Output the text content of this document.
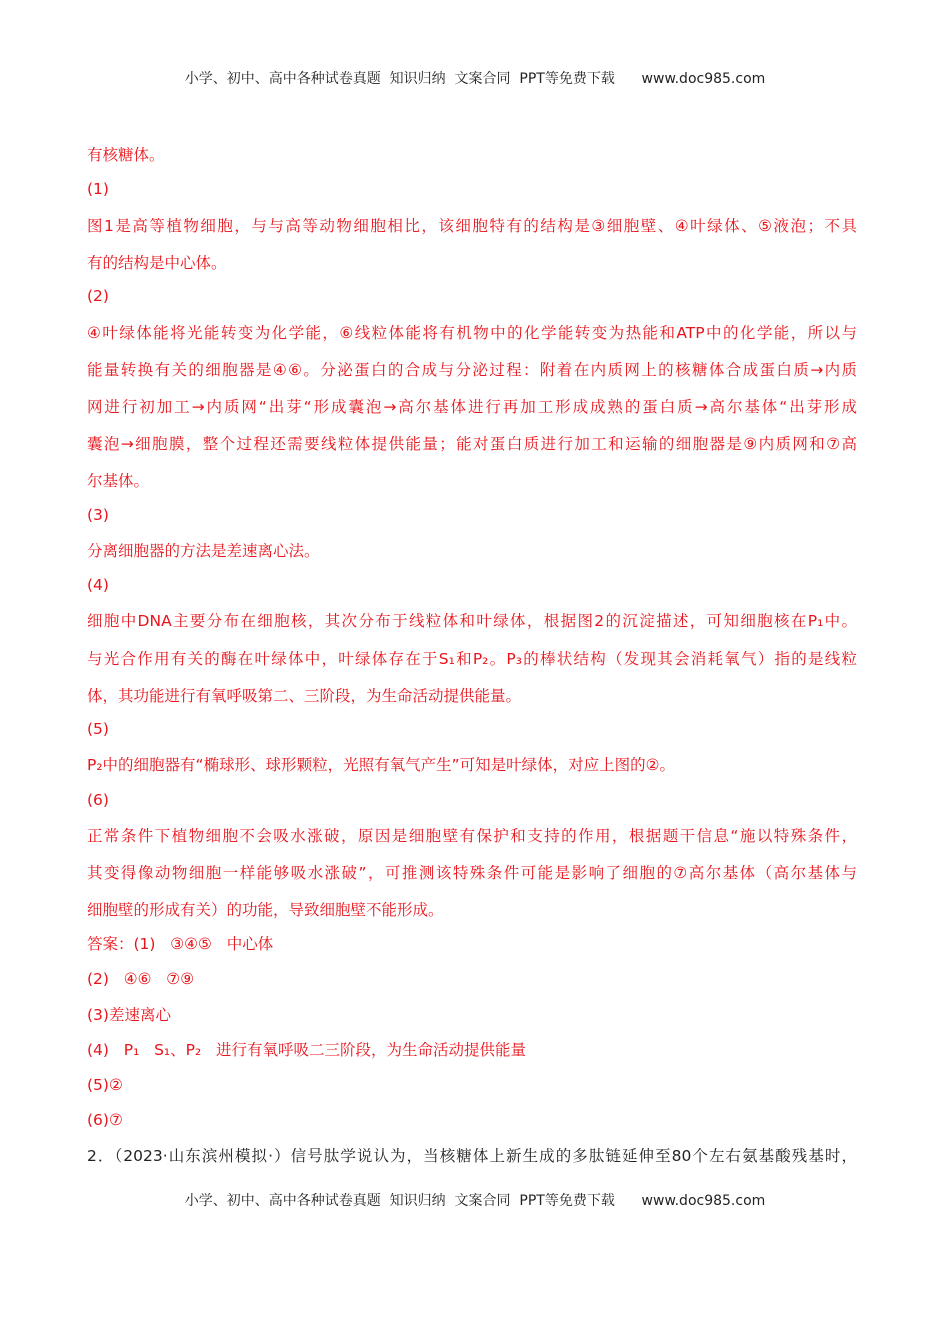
小学、初中、高中各种试卷真题  知识归纳  文案合同  PPT等免费下载      www.doc985.com
有核糖体。
(1)
图1是高等植物细胞，与与高等动物细胞相比，该细胞特有的结构是③细胞壁、④叶绿体、⑤液泡；不具
有的结构是中心体。
(2)
④叶绿体能将光能转变为化学能，⑥线粒体能将有机物中的化学能转变为热能和ATP中的化学能，所以与
能量转换有关的细胞器是④⑥。分泌蛋白的合成与分泌过程：附着在内质网上的核糖体合成蛋白质→内质
网进行初加工→内质网“出芽“形成囊泡→高尔基体进行再加工形成成熟的蛋白质→高尔基体“出芽形成
囊泡→细胞膜，整个过程还需要线粒体提供能量；能对蛋白质进行加工和运输的细胞器是⑨内质网和⑦高
尔基体。
(3)
分离细胞器的方法是差速离心法。
(4)
细胞中DNA主要分布在细胞核，其次分布于线粒体和叶绿体，根据图2的沉淀描述，可知细胞核在P₁中。
与光合作用有关的酶在叶绿体中，叶绿体存在于S₁和P₂。P₃的棒状结构（发现其会消耗氧气）指的是线粒
体，其功能进行有氧呼吸第二、三阶段，为生命活动提供能量。
(5)
P₂中的细胞器有“椭球形、球形颗粒，光照有氧气产生”可知是叶绿体，对应上图的②。
(6)
正常条件下植物细胞不会吸水涨破，原因是细胞壁有保护和支持的作用，根据题干信息“施以特殊条件，
其变得像动物细胞一样能够吸水涨破”，可推测该特殊条件可能是影响了细胞的⑦高尔基体（高尔基体与
细胞壁的形成有关）的功能，导致细胞壁不能形成。
答案：(1)   ③④⑤   中心体
(2)   ④⑥   ⑦⑨
(3)差速离心
(4)   P₁   S₁、P₂   进行有氧呼吸二三阶段，为生命活动提供能量
(5)②
(6)⑦
2．（2023·山东滨州模拟·）信号肽学说认为，当核糖体上新生成的多肽链延伸至80个左右氨基酸残基时，
小学、初中、高中各种试卷真题  知识归纳  文案合同  PPT等免费下载      www.doc985.com
